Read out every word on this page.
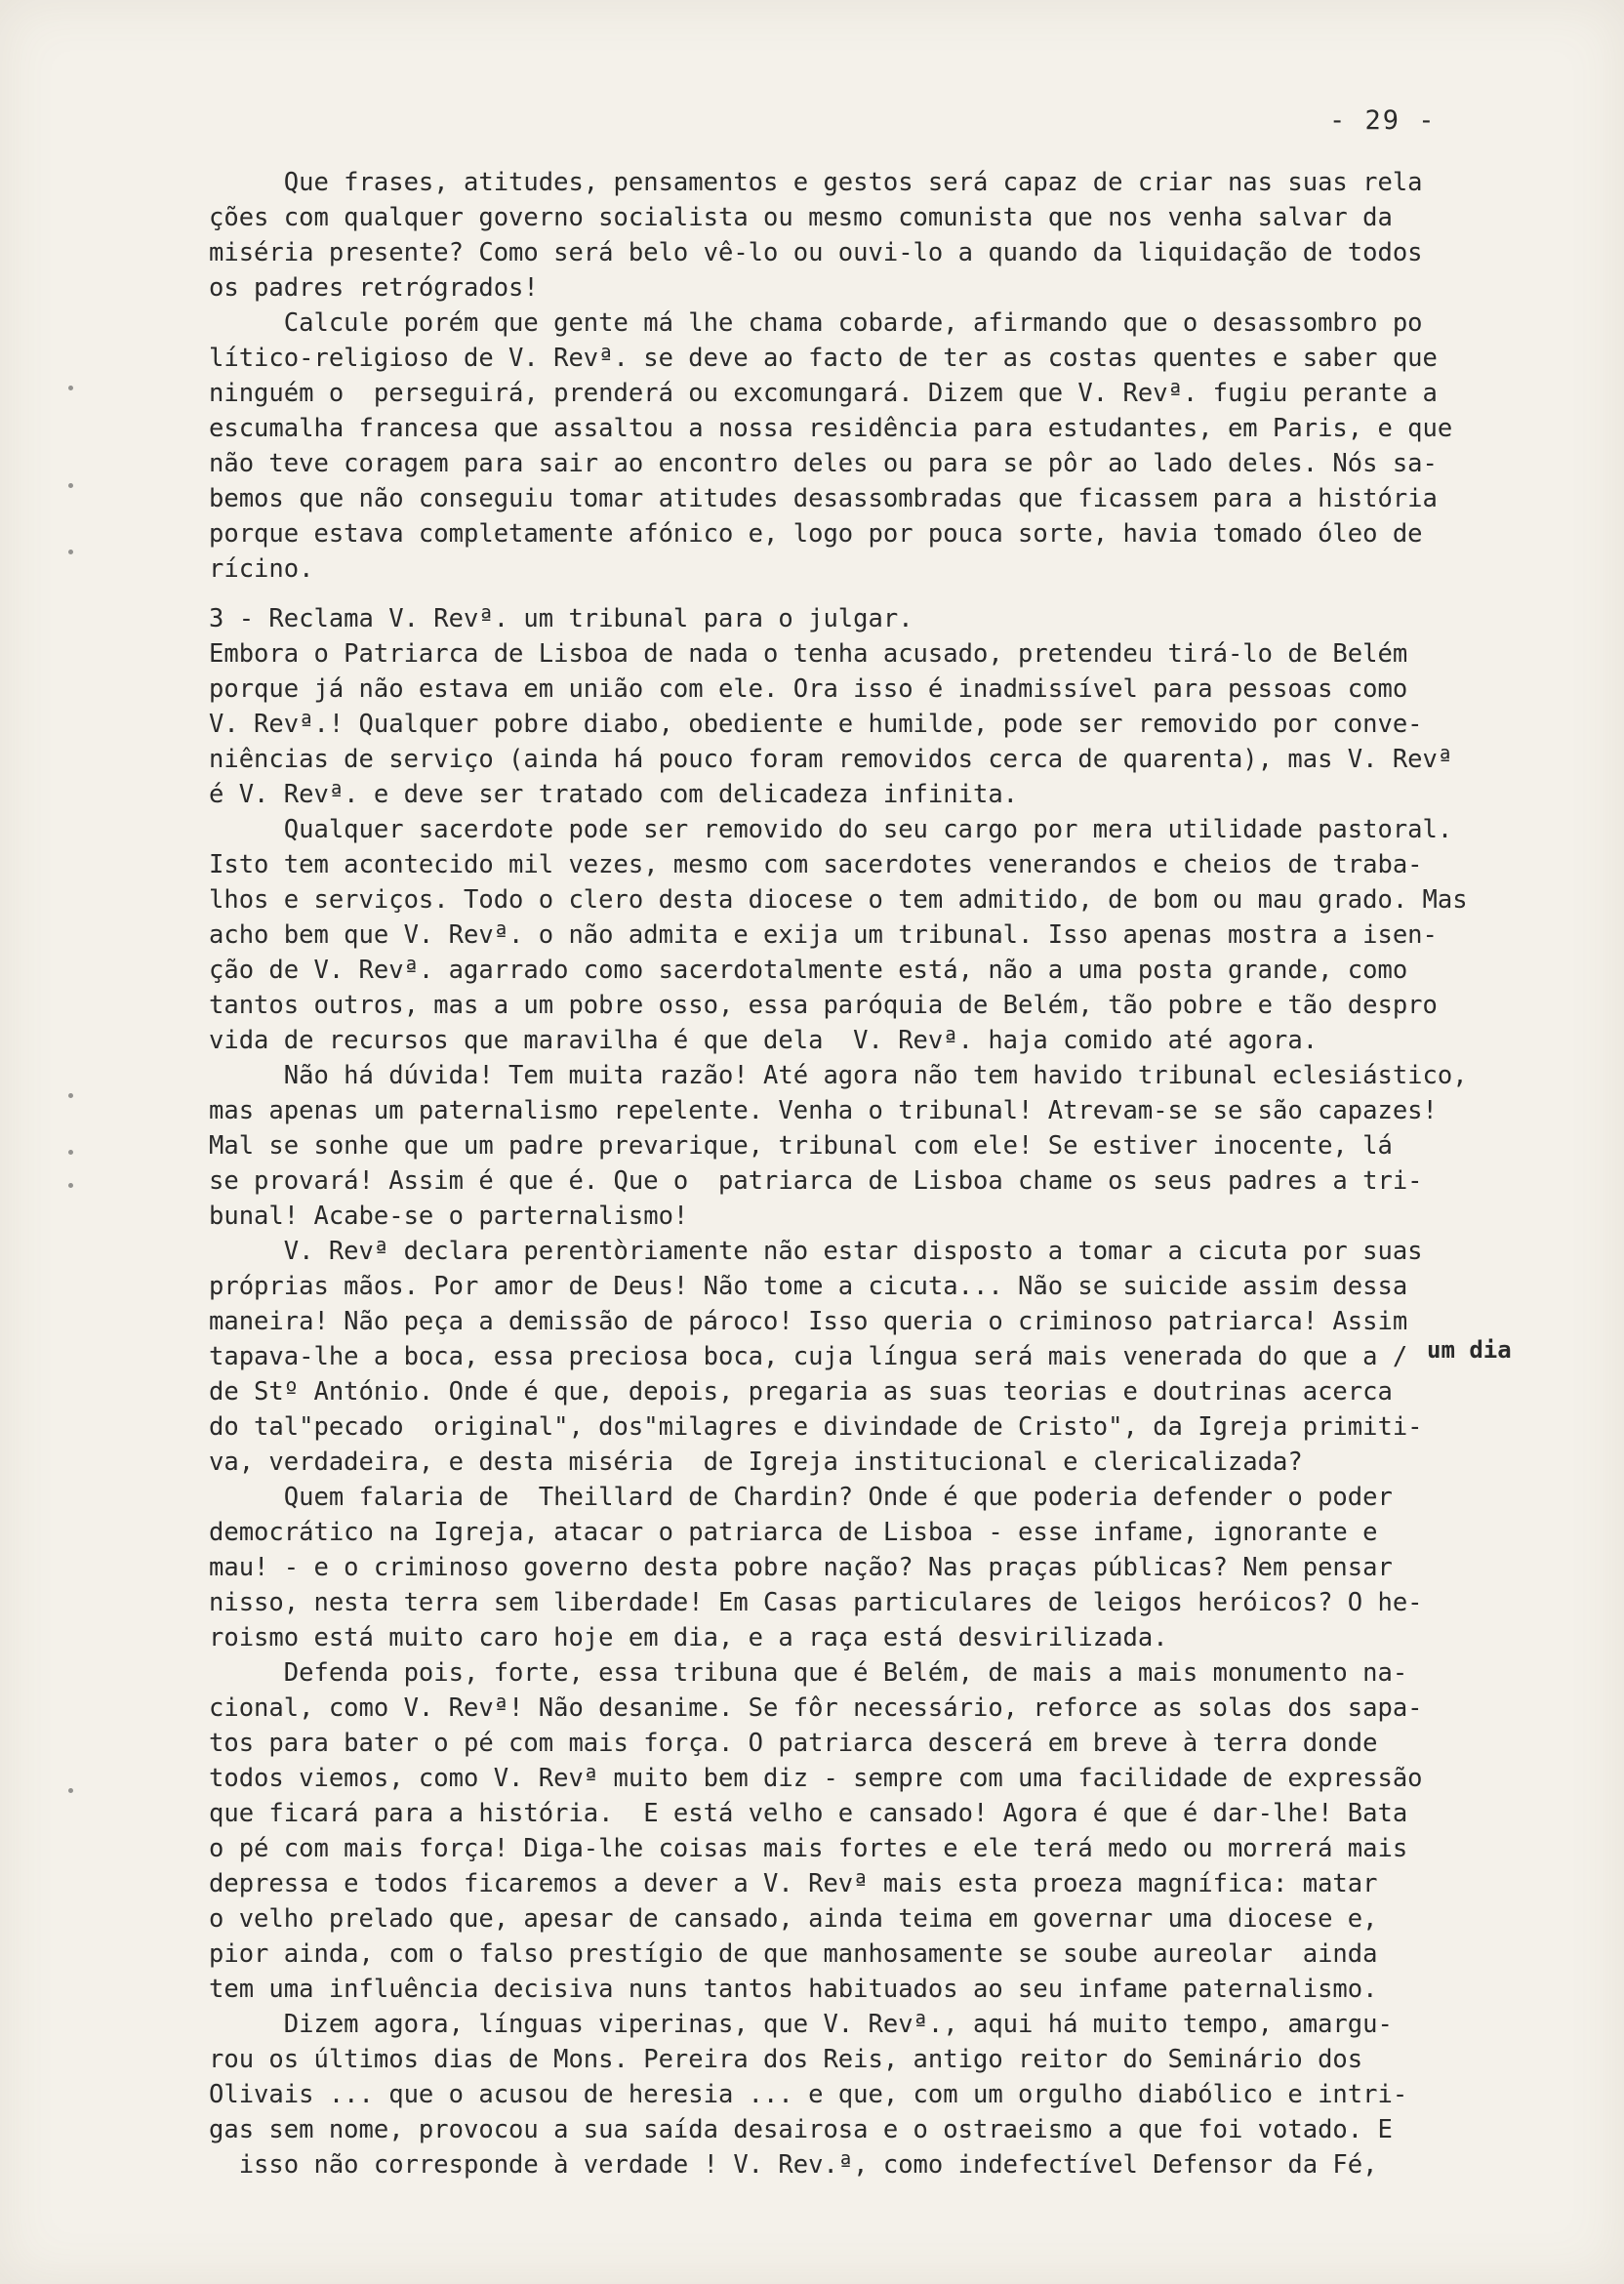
- 29 -
Que frases, atitudes, pensamentos e gestos será capaz de criar nas suas rela
ções com qualquer governo socialista ou mesmo comunista que nos venha salvar da
miséria presente? Como será belo vê-lo ou ouvi-lo a quando da liquidação de todos
os padres retrógrados!
Calcule porém que gente má lhe chama cobarde, afirmando que o desassombro po
lítico-religioso de V. Revª. se deve ao facto de ter as costas quentes e saber que
ninguém o  perseguirá, prenderá ou excomungará. Dizem que V. Revª. fugiu perante a
escumalha francesa que assaltou a nossa residência para estudantes, em Paris, e que
não teve coragem para sair ao encontro deles ou para se pôr ao lado deles. Nós sa-
bemos que não conseguiu tomar atitudes desassombradas que ficassem para a história
porque estava completamente afónico e, logo por pouca sorte, havia tomado óleo de
rícino.
3 - Reclama V. Revª. um tribunal para o julgar.
Embora o Patriarca de Lisboa de nada o tenha acusado, pretendeu tirá-lo de Belém
porque já não estava em união com ele. Ora isso é inadmissível para pessoas como
V. Revª.! Qualquer pobre diabo, obediente e humilde, pode ser removido por conve-
niências de serviço (ainda há pouco foram removidos cerca de quarenta), mas V. Revª
é V. Revª. e deve ser tratado com delicadeza infinita.
Qualquer sacerdote pode ser removido do seu cargo por mera utilidade pastoral.
Isto tem acontecido mil vezes, mesmo com sacerdotes venerandos e cheios de traba-
lhos e serviços. Todo o clero desta diocese o tem admitido, de bom ou mau grado. Mas
acho bem que V. Revª. o não admita e exija um tribunal. Isso apenas mostra a isen-
ção de V. Revª. agarrado como sacerdotalmente está, não a uma posta grande, como
tantos outros, mas a um pobre osso, essa paróquia de Belém, tão pobre e tão despro
vida de recursos que maravilha é que dela  V. Revª. haja comido até agora.
Não há dúvida! Tem muita razão! Até agora não tem havido tribunal eclesiástico,
mas apenas um paternalismo repelente. Venha o tribunal! Atrevam-se se são capazes!
Mal se sonhe que um padre prevarique, tribunal com ele! Se estiver inocente, lá
se provará! Assim é que é. Que o  patriarca de Lisboa chame os seus padres a tri-
bunal! Acabe-se o parternalismo!
V. Revª declara perentòriamente não estar disposto a tomar a cicuta por suas
próprias mãos. Por amor de Deus! Não tome a cicuta... Não se suicide assim dessa
maneira! Não peça a demissão de pároco! Isso queria o criminoso patriarca! Assim
tapava-lhe a boca, essa preciosa boca, cuja língua será mais venerada do que a /
de Stº António. Onde é que, depois, pregaria as suas teorias e doutrinas acerca
do tal"pecado  original", dos"milagres e divindade de Cristo", da Igreja primiti-
va, verdadeira, e desta miséria  de Igreja institucional e clericalizada?
Quem falaria de  Theillard de Chardin? Onde é que poderia defender o poder
democrático na Igreja, atacar o patriarca de Lisboa - esse infame, ignorante e
mau! - e o criminoso governo desta pobre nação? Nas praças públicas? Nem pensar
nisso, nesta terra sem liberdade! Em Casas particulares de leigos heróicos? O he-
roismo está muito caro hoje em dia, e a raça está desvirilizada.
Defenda pois, forte, essa tribuna que é Belém, de mais a mais monumento na-
cional, como V. Revª! Não desanime. Se fôr necessário, reforce as solas dos sapa-
tos para bater o pé com mais força. O patriarca descerá em breve à terra donde
todos viemos, como V. Revª muito bem diz - sempre com uma facilidade de expressão
que ficará para a história.  E está velho e cansado! Agora é que é dar-lhe! Bata
o pé com mais força! Diga-lhe coisas mais fortes e ele terá medo ou morrerá mais
depressa e todos ficaremos a dever a V. Revª mais esta proeza magnífica: matar
o velho prelado que, apesar de cansado, ainda teima em governar uma diocese e,
pior ainda, com o falso prestígio de que manhosamente se soube aureolar  ainda
tem uma influência decisiva nuns tantos habituados ao seu infame paternalismo.
Dizem agora, línguas viperinas, que V. Revª., aqui há muito tempo, amargu-
rou os últimos dias de Mons. Pereira dos Reis, antigo reitor do Seminário dos
Olivais ... que o acusou de heresia ... e que, com um orgulho diabólico e intri-
gas sem nome, provocou a sua saída desairosa e o ostraeismo a que foi votado. E
isso não corresponde à verdade ! V. Rev.ª, como indefectível Defensor da Fé,
um dia
